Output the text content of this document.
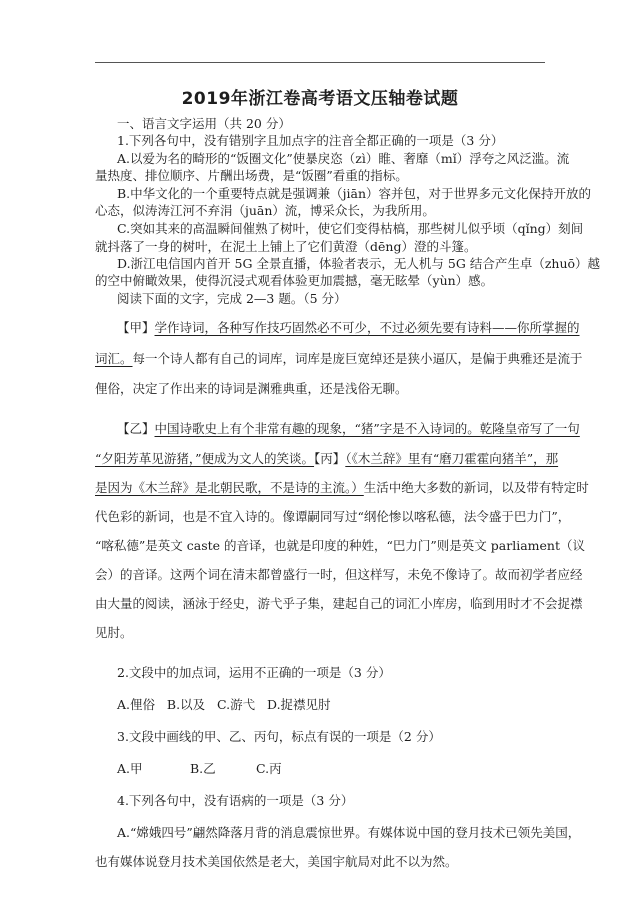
2019年浙江卷高考语文压轴卷试题
一、语言文字运用（共 20 分）
1.下列各句中，没有错别字且加点字的注音全都正确的一项是（3 分）
A.以爱为名的畸形的“饭圈文化”使暴戾恣（zì）睢、奢靡（mǐ）浮夸之风泛滥。流
量热度、排位顺序、片酬出场费，是“饭圈”看重的指标。
B.中华文化的一个重要特点就是强调兼（jiān）容并包，对于世界多元文化保持开放的
心态，似涛涛江河不弃涓（juān）流，博采众长，为我所用。
C.突如其来的高温瞬间催熟了树叶，使它们变得枯槁，那些树儿似乎顷（qǐng）刻间
就抖落了一身的树叶，在泥土上铺上了它们黄澄（dēng）澄的斗篷。
D.浙江电信国内首开 5G 全景直播，体验者表示，无人机与 5G 结合产生卓（zhuō）越
的空中俯瞰效果，使得沉浸式观看体验更加震撼，毫无眩晕（yùn）感。
阅读下面的文字，完成 2—3 题。（5 分）
【甲】学作诗词，各种写作技巧固然必不可少，不过必须先要有诗料——你所掌握的
词汇。每一个诗人都有自己的词库，词库是庞巨宽绰还是狭小逼仄，是偏于典雅还是流于
俚俗，决定了作出来的诗词是渊雅典重，还是浅俗无聊。
【乙】中国诗歌史上有个非常有趣的现象，“猪”字是不入诗词的。乾隆皇帝写了一句
“夕阳芳革见游猪，”便成为文人的笑谈。【丙】（《木兰辞》里有“磨刀霍霍向猪羊”，那
是因为《木兰辞》是北朝民歌，不是诗的主流。）生活中绝大多数的新词，以及带有特定时
代色彩的新词，也是不宜入诗的。像谭嗣同写过“纲伦惨以喀私德，法令盛于巴力门”，
“喀私德”是英文 caste 的音译，也就是印度的种姓，“巴力门”则是英文 parliament（议
会）的音译。这两个词在清末都曾盛行一时，但这样写，未免不像诗了。故而初学者应经
由大量的阅读，涵泳于经史，游弋乎子集，建起自己的词汇小库房，临到用时才不会捉襟
见肘。
2.文段中的加点词，运用不正确的一项是（3 分）
A.俚俗   B.以及   C.游弋   D.捉襟见肘
3.文段中画线的甲、乙、丙句，标点有误的一项是（2 分）
A.甲	B.乙	C.丙
4.下列各句中，没有语病的一项是（3 分）
A.“嫦娥四号”翩然降落月背的消息震惊世界。有媒体说中国的登月技术已领先美国，
也有媒体说登月技术美国依然是老大，美国宇航局对此不以为然。
